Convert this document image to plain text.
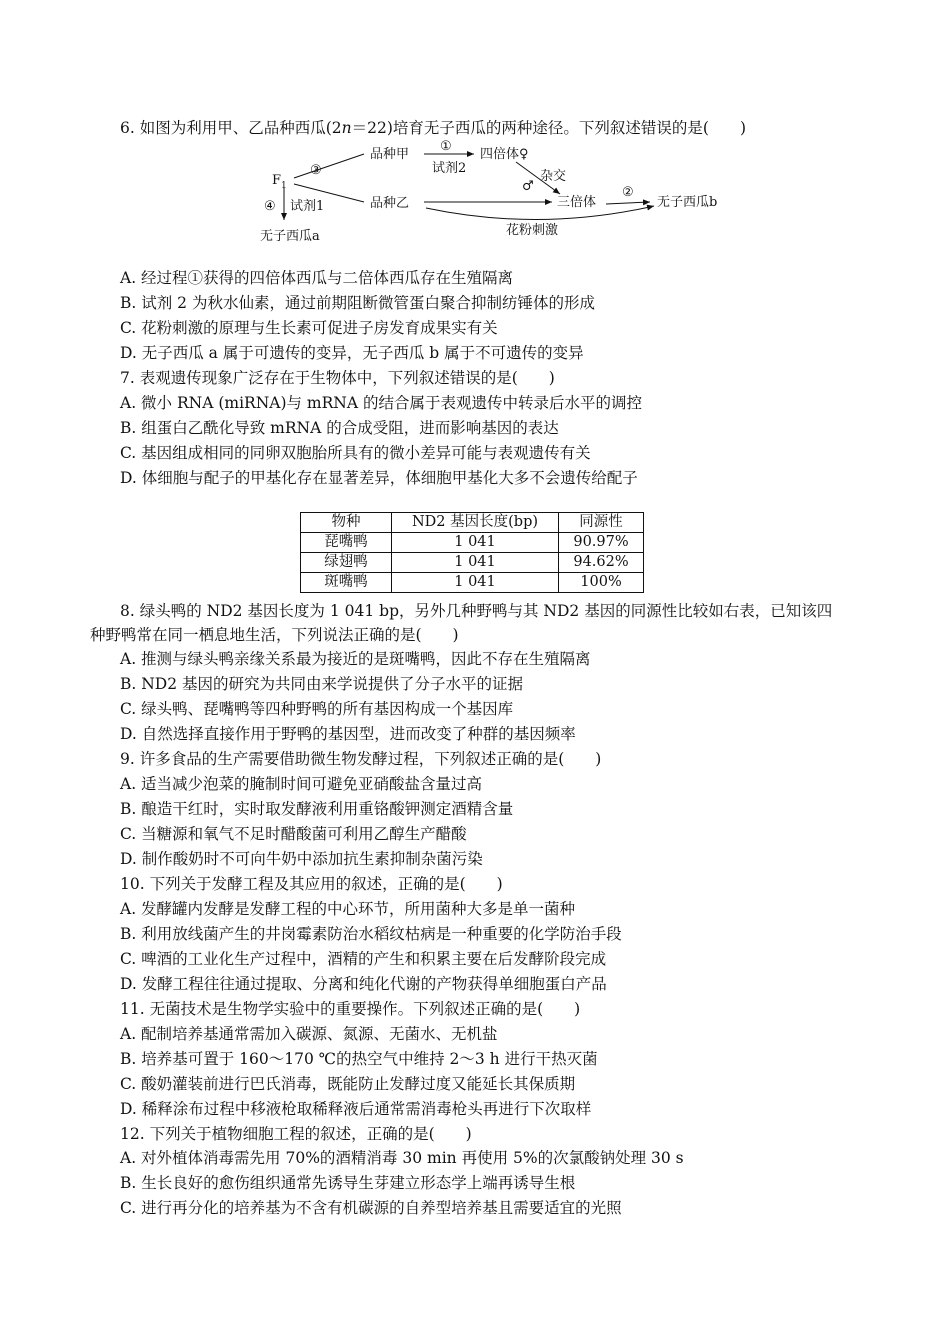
6. 如图为利用甲、乙品种西瓜(2n＝22)培育无子西瓜的两种途径。下列叙述错误的是(　　)
③
F 1
品种甲
①
试剂2
四倍体♀
杂交
♂
④ 试剂1	品种乙	三倍体
②
无子西瓜b
无子西瓜a	花粉刺激
A. 经过程①获得的四倍体西瓜与二倍体西瓜存在生殖隔离
B. 试剂 2 为秋水仙素，通过前期阻断微管蛋白聚合抑制纺锤体的形成
C. 花粉刺激的原理与生长素可促进子房发育成果实有关
D. 无子西瓜 a 属于可遗传的变异，无子西瓜 b 属于不可遗传的变异
7. 表观遗传现象广泛存在于生物体中，下列叙述错误的是(　　)
A. 微小 RNA (miRNA)与 mRNA 的结合属于表观遗传中转录后水平的调控
B. 组蛋白乙酰化导致 mRNA 的合成受阻，进而影响基因的表达
C. 基因组成相同的同卵双胞胎所具有的微小差异可能与表观遗传有关
D. 体细胞与配子的甲基化存在显著差异，体细胞甲基化大多不会遗传给配子
物种	ND2 基因长度(bp)	同源性
琵嘴鸭	1 041	90.97%
绿翅鸭	1 041	94.62%
斑嘴鸭	1 041	100%
8. 绿头鸭的 ND2 基因长度为 1 041 bp，另外几种野鸭与其 ND2 基因的同源性比较如右表，已知该四
种野鸭常在同一栖息地生活，下列说法正确的是(　　)
A. 推测与绿头鸭亲缘关系最为接近的是斑嘴鸭，因此不存在生殖隔离
B. ND2 基因的研究为共同由来学说提供了分子水平的证据
C. 绿头鸭、琵嘴鸭等四种野鸭的所有基因构成一个基因库
D. 自然选择直接作用于野鸭的基因型，进而改变了种群的基因频率
9. 许多食品的生产需要借助微生物发酵过程，下列叙述正确的是(　　)
A. 适当减少泡菜的腌制时间可避免亚硝酸盐含量过高
B. 酿造干红时，实时取发酵液利用重铬酸钾测定酒精含量
C. 当糖源和氧气不足时醋酸菌可利用乙醇生产醋酸
D. 制作酸奶时不可向牛奶中添加抗生素抑制杂菌污染
10. 下列关于发酵工程及其应用的叙述，正确的是(　　)
A. 发酵罐内发酵是发酵工程的中心环节，所用菌种大多是单一菌种
B. 利用放线菌产生的井岗霉素防治水稻纹枯病是一种重要的化学防治手段
C. 啤酒的工业化生产过程中，酒精的产生和积累主要在后发酵阶段完成
D. 发酵工程往往通过提取、分离和纯化代谢的产物获得单细胞蛋白产品
11. 无菌技术是生物学实验中的重要操作。下列叙述正确的是(　　)
A. 配制培养基通常需加入碳源、氮源、无菌水、无机盐
B. 培养基可置于 160～170 ℃的热空气中维持 2～3 h 进行干热灭菌
C. 酸奶灌装前进行巴氏消毒，既能防止发酵过度又能延长其保质期
D. 稀释涂布过程中移液枪取稀释液后通常需消毒枪头再进行下次取样
12. 下列关于植物细胞工程的叙述，正确的是(　　)
A. 对外植体消毒需先用 70%的酒精消毒 30 min 再使用 5%的次氯酸钠处理 30 s
B. 生长良好的愈伤组织通常先诱导生芽建立形态学上端再诱导生根
C. 进行再分化的培养基为不含有机碳源的自养型培养基且需要适宜的光照
